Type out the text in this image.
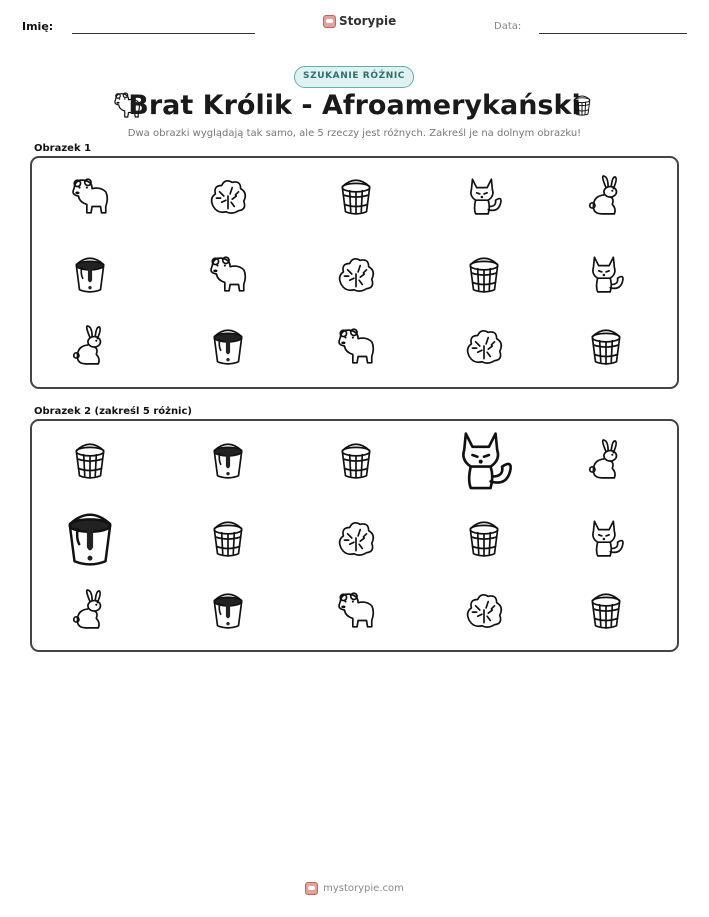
Imię:	Storypie	Data:
SZUKANIE RÓŻNIC
Brat Królik - Afroamerykański
Dwa obrazki wyglądają tak samo, ale 5 rzeczy jest różnych. Zakreśl je na dolnym obrazku!
Obrazek 1
Obrazek 2 (zakreśl 5 różnic)
mystorypie.com
